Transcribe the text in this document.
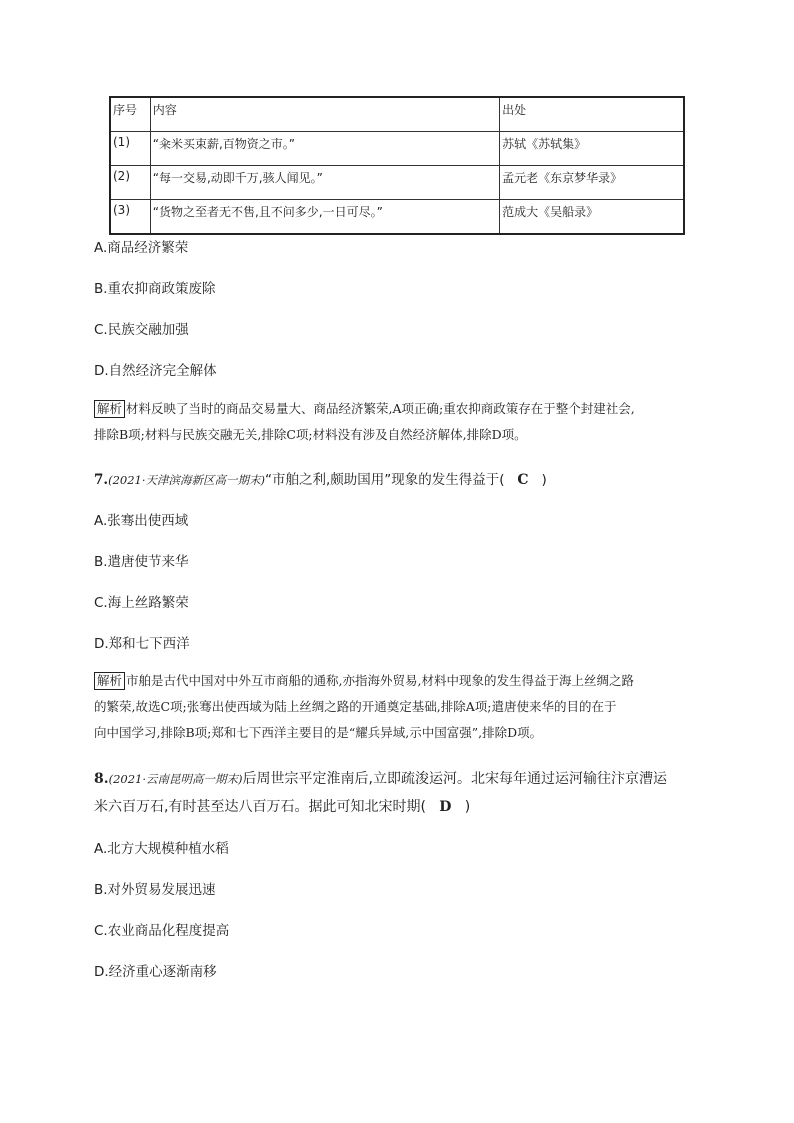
序号	内容	出处
(1)	“籴米买束薪,百物资之市。”	苏轼《苏轼集》
(2)	“每一交易,动即千万,骇人闻见。”	孟元老《东京梦华录》
(3)	“货物之至者无不售,且不问多少,一日可尽。”	范成大《吴船录》
A.商品经济繁荣
B.重农抑商政策废除
C.民族交融加强
D.自然经济完全解体
解析 材料反映了当时的商品交易量大、商品经济繁荣,A项正确;重农抑商政策存在于整个封建社会,
排除B项;材料与民族交融无关,排除C项;材料没有涉及自然经济解体,排除D项。
7.(2021·天津滨海新区高一期末)“市舶之利,颇助国用”现象的发生得益于( C )
A.张骞出使西域
B.遣唐使节来华
C.海上丝路繁荣
D.郑和七下西洋
解析 市舶是古代中国对中外互市商船的通称,亦指海外贸易,材料中现象的发生得益于海上丝绸之路
的繁荣,故选C项;张骞出使西域为陆上丝绸之路的开通奠定基础,排除A项;遣唐使来华的目的在于
向中国学习,排除B项;郑和七下西洋主要目的是“耀兵异域,示中国富强”,排除D项。
8.(2021·云南昆明高一期末)后周世宗平定淮南后,立即疏浚运河。北宋每年通过运河输往汴京漕运
米六百万石,有时甚至达八百万石。据此可知北宋时期( D )
A.北方大规模种植水稻
B.对外贸易发展迅速
C.农业商品化程度提高
D.经济重心逐渐南移
